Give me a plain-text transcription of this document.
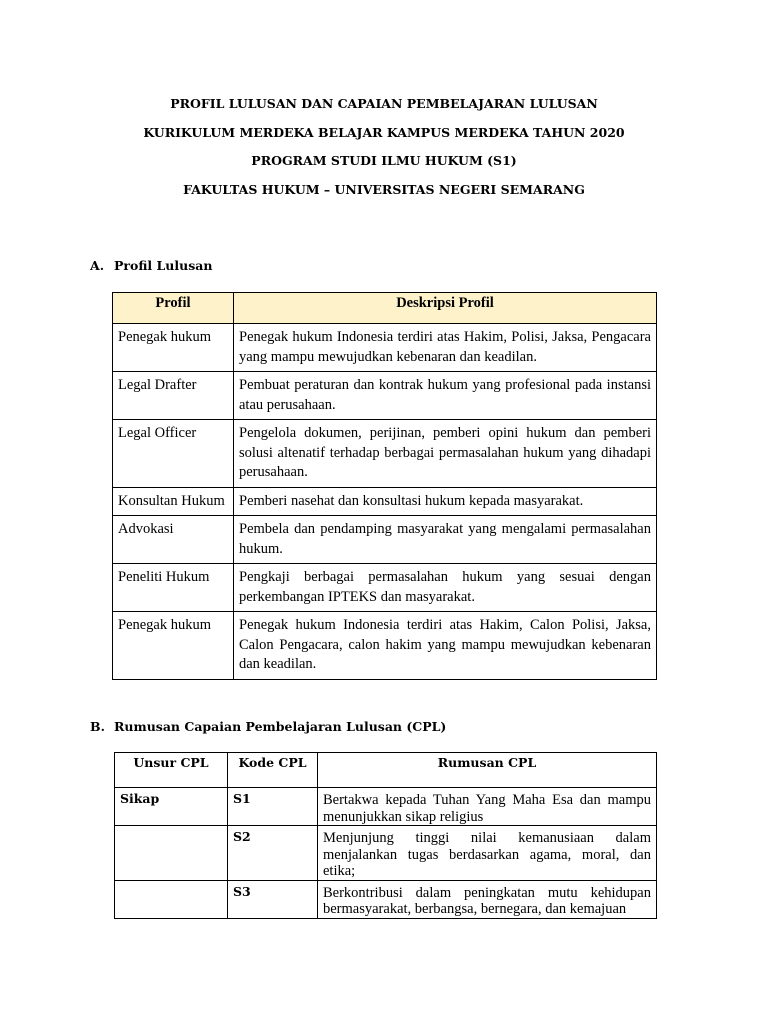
PROFIL LULUSAN DAN CAPAIAN PEMBELAJARAN LULUSAN
KURIKULUM MERDEKA BELAJAR KAMPUS MERDEKA TAHUN 2020
PROGRAM STUDI ILMU HUKUM (S1)
FAKULTAS HUKUM – UNIVERSITAS NEGERI SEMARANG
A. Profil Lulusan
Profil	Deskripsi Profil
Penegak hukum	Penegak hukum Indonesia terdiri atas Hakim, Polisi, Jaksa, Pengacara yang mampu mewujudkan kebenaran dan keadilan.
Legal Drafter	Pembuat peraturan dan kontrak hukum yang profesional pada instansi atau perusahaan.
Legal Officer	Pengelola dokumen, perijinan, pemberi opini hukum dan pemberi solusi altenatif terhadap berbagai permasalahan hukum yang dihadapi perusahaan.
Konsultan Hukum	Pemberi nasehat dan konsultasi hukum kepada masyarakat.
Advokasi	Pembela dan pendamping masyarakat yang mengalami permasalahan hukum.
Peneliti Hukum	Pengkaji berbagai permasalahan hukum yang sesuai dengan perkembangan IPTEKS dan masyarakat.
Penegak hukum	Penegak hukum Indonesia terdiri atas Hakim, Calon Polisi, Jaksa, Calon Pengacara, calon hakim yang mampu mewujudkan kebenaran dan keadilan.
B. Rumusan Capaian Pembelajaran Lulusan (CPL)
Unsur CPL	Kode CPL	Rumusan CPL
Sikap	S1	Bertakwa kepada Tuhan Yang Maha Esa dan mampu menunjukkan sikap religius
	S2	Menjunjung tinggi nilai kemanusiaan dalam menjalankan tugas berdasarkan agama, moral, dan etika;
	S3	Berkontribusi dalam peningkatan mutu kehidupan bermasyarakat, berbangsa, bernegara, dan kemajuan
